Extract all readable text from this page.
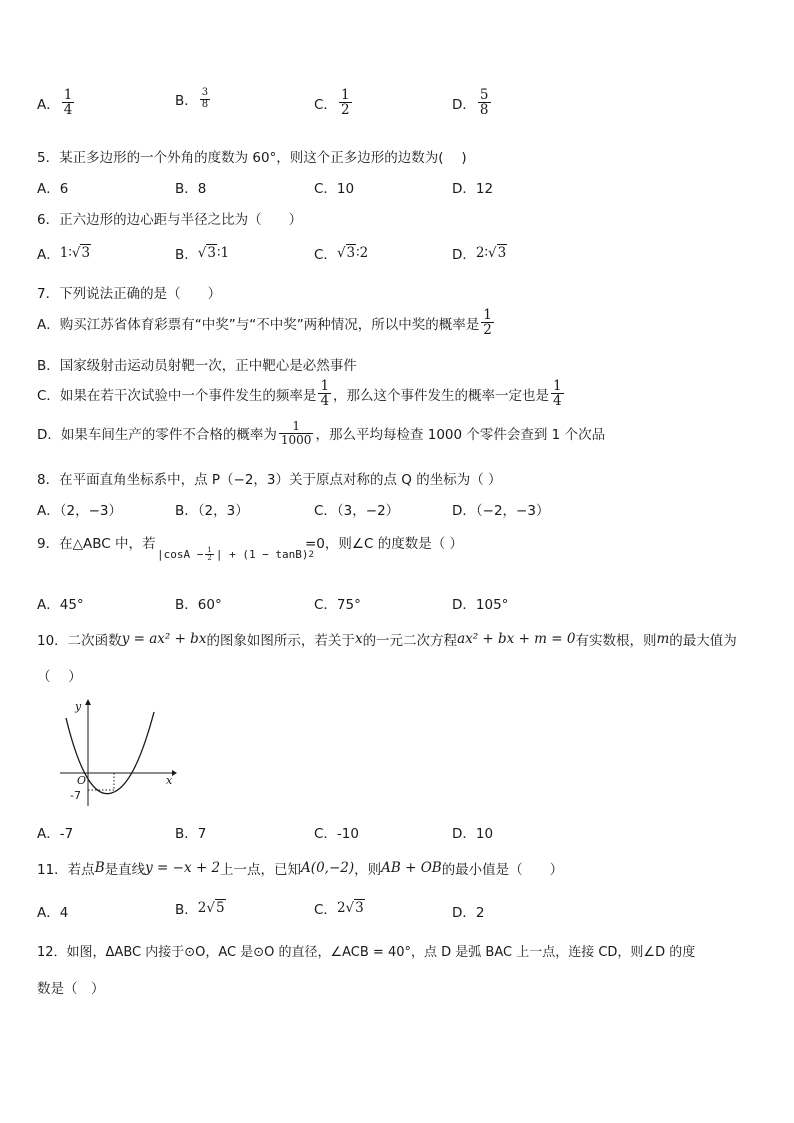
A． $\frac{1}{4}$	B． $\frac{3}{8}$	C． $\frac{1}{2}$	D． $\frac{5}{8}$
5．某正多边形的一个外角的度数为 60°，则这个正多边形的边数为(　 )
A．6	B．8	C．10	D．12
6．正六边形的边心距与半径之比为（　　）
A． 1∶√3	B． √3∶1	C． √3∶2	D． 2∶√3
7．下列说法正确的是（　　）
A．购买江苏省体育彩票有“中奖”与“不中奖”两种情况，所以中奖的概率是 $\frac{1}{2}$
B．国家级射击运动员射靶一次，正中靶心是必然事件
C．如果在若干次试验中一个事件发生的频率是 $\frac{1}{4}$ ，那么这个事件发生的概率一定也是 $\frac{1}{4}$
D．如果车间生产的零件不合格的概率为 $\frac{1}{1000}$ ，那么平均每检查 1000 个零件会查到 1 个次品
8．在平面直角坐标系中，点 P（−2，3）关于原点对称的点 Q 的坐标为（ ）
A．（2，−3）	B．（2，3）	C．（3，−2）	D．（−2，−3）
9．在△ABC 中，若
$|\cos A - \frac{1}{2}$ | + (1 − tanB) 2
=0，则∠C 的度数是（ ）
A．45°	B．60°	C．75°	D．105°
10．二次函数 y = ax² + bx 的图象如图所示，若关于 x 的一元二次方程 ax² + bx + m = 0 有实数根，则 m 的最大值为
（　 ）
y
x
O
-7
A．-7	B．7	C．-10	D．10
11．若点 B 是直线 y = −x + 2 上一点，已知 A(0,−2) ，则 AB + OB 的最小值是（　　）
A．4	B． 2√5	C． 2√3	D．2
12．如图，ΔABC 内接于⊙O，AC 是⊙O 的直径，∠ACB = 40°，点 D 是弧 BAC 上一点，连接 CD，则∠D 的度
数是（　）
